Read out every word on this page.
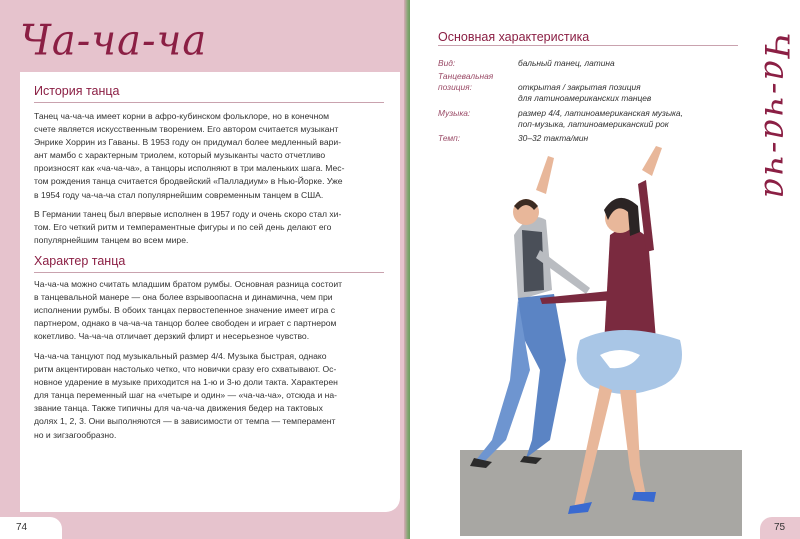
Ча-ча-ча
История танца

Танец ча-ча-ча имеет корни в афро-кубинском фольклоре, но в конечном
счете является искусственным творением. Его автором считается музыкант
Энрике Хоррин из Гаваны. В 1953 году он придумал более медленный вари-
ант мамбо с характерным триолем, который музыканты часто отчетливо
произносят как «ча-ча-ча», а танцоры исполняют в три маленьких шага. Мес-
том рождения танца считается бродвейский «Палладиум» в Нью-Йорке. Уже
в 1954 году ча-ча-ча стал популярнейшим современным танцем в США.

В Германии танец был впервые исполнен в 1957 году и очень скоро стал хи-
том. Его четкий ритм и темпераментные фигуры и по сей день делают его
популярнейшим танцем во всем мире.

Характер танца

Ча-ча-ча можно считать младшим братом румбы. Основная разница состоит
в танцевальной манере — она более взрывоопасна и динамична, чем при
исполнении румбы. В обоих танцах первостепенное значение имеет игра с
партнером, однако в ча-ча-ча танцор более свободен и играет с партнером
кокетливо. Ча-ча-ча отличает дерзкий флирт и несерьезное чувство.

Ча-ча-ча танцуют под музыкальный размер 4/4. Музыка быстрая, однако
ритм акцентирован настолько четко, что новички сразу его схватывают. Ос-
новное ударение в музыке приходится на 1-ю и 3-ю доли такта. Характерен
для танца переменный шаг на «четыре и один» — «ча-ча-ча», отсюда и на-
звание танца. Также типичны для ча-ча-ча движения бедер на тактовых
долях 1, 2, 3. Они выполняются — в зависимости от темпа — темперамент
но и зигзагообразно.

74
Основная характеристика
Вид:	бальный танец, латина
Танцевальная
позиция:	открытая / закрытая позиция
для латиноамериканских танцев
Музыка:	размер 4/4, латиноамериканская музыка,
поп-музыка, латиноамериканский рок
Темп:	30–32 такта/мин	Ча-ча-ча
75
